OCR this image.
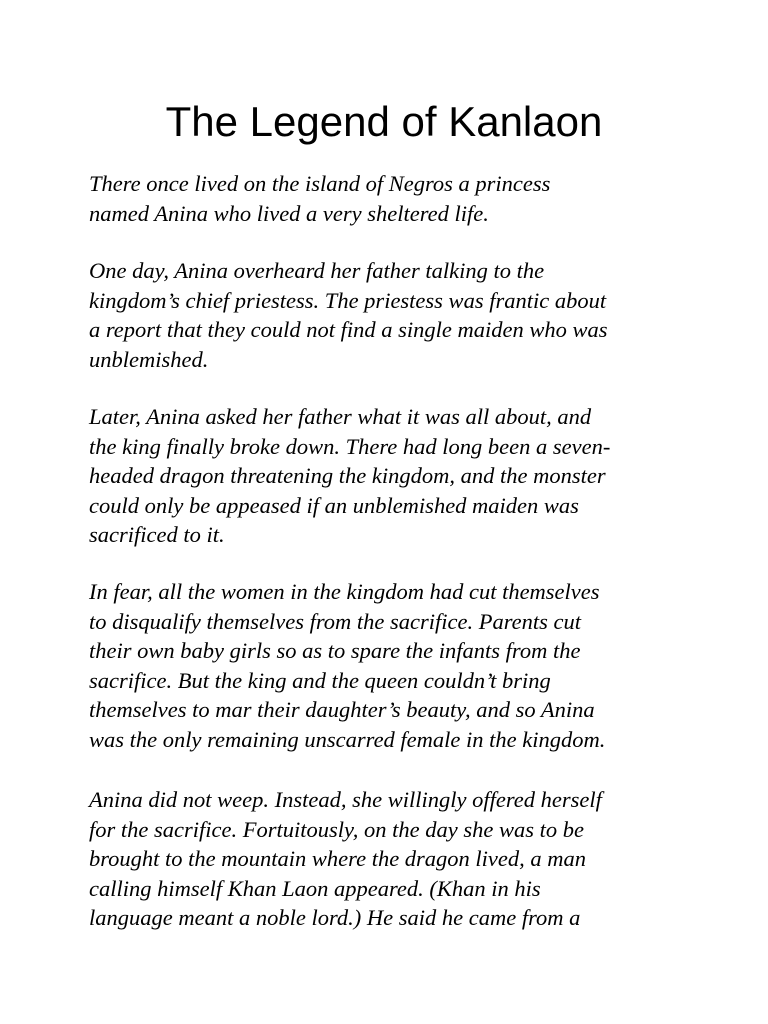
The Legend of Kanlaon

There once lived on the island of Negros a princess
named Anina who lived a very sheltered life.

One day, Anina overheard her father talking to the
kingdom’s chief priestess. The priestess was frantic about
a report that they could not find a single maiden who was
unblemished.

Later, Anina asked her father what it was all about, and
the king finally broke down. There had long been a seven-
headed dragon threatening the kingdom, and the monster
could only be appeased if an unblemished maiden was
sacrificed to it.

In fear, all the women in the kingdom had cut themselves
to disqualify themselves from the sacrifice. Parents cut
their own baby girls so as to spare the infants from the
sacrifice. But the king and the queen couldn’t bring
themselves to mar their daughter’s beauty, and so Anina
was the only remaining unscarred female in the kingdom.

Anina did not weep. Instead, she willingly offered herself
for the sacrifice. Fortuitously, on the day she was to be
brought to the mountain where the dragon lived, a man
calling himself Khan Laon appeared. (Khan in his
language meant a noble lord.) He said he came from a
